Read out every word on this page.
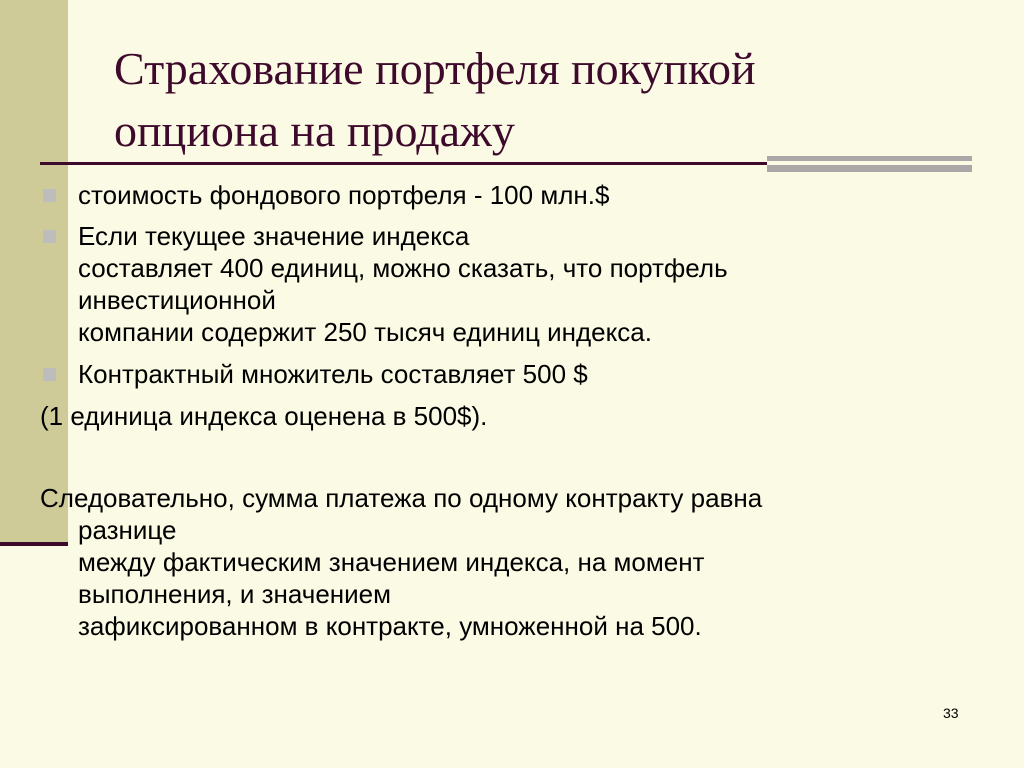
Страхование портфеля покупкой
опциона на продажу
стоимость фондового портфеля - 100 млн.$
Если текущее значение индекса
составляет 400 единиц, можно сказать, что портфель
инвестиционной
компании содержит 250 тысяч единиц индекса.
Контрактный множитель составляет 500 $
(1 единица индекса оценена в 500$).
Следовательно, сумма платежа по одному контракту равна
разнице
между фактическим значением индекса, на момент
выполнения, и значением
зафиксированном в контракте, умноженной на 500.
33
